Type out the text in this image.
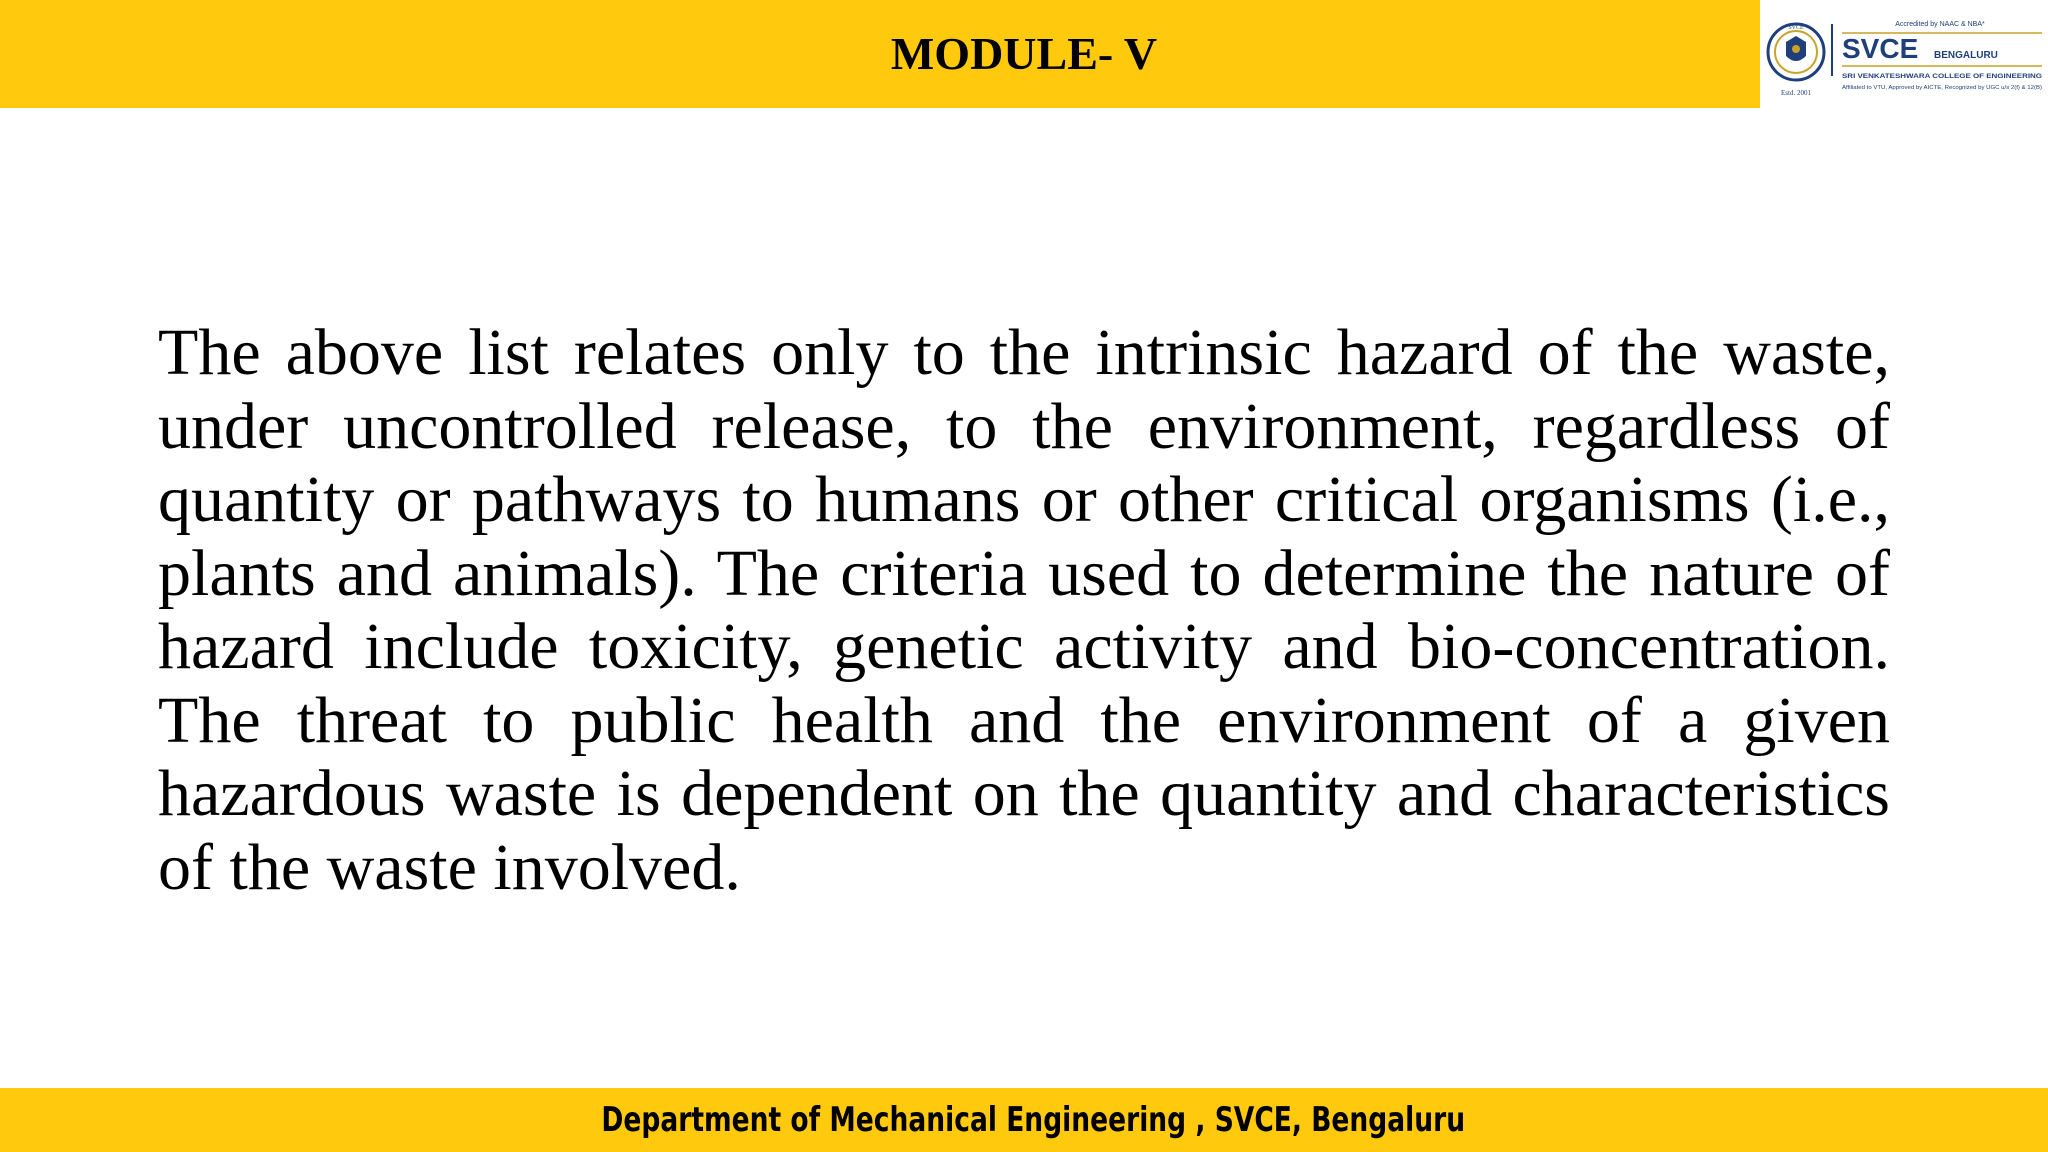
MODULE- V
Accredited by NAAC & NBA*
SVCE BENGALURU
SRI VENKATESHWARA COLLEGE OF ENGINEERING
Affiliated to VTU, Approved by AICTE, Recognized by UGC u/s 2(f) & 12(B)
Estd. 2001
SVCE

The above list relates only to the intrinsic hazard of the waste, under uncontrolled release, to the environment, regardless of quantity or pathways to humans or other critical organisms (i.e., plants and animals). The criteria used to determine the nature of hazard include toxicity, genetic activity and bio-concentration. The threat to public health and the environment of a given hazardous waste is dependent on the quantity and characteristics of the waste involved.

Department of Mechanical Engineering , SVCE, Bengaluru
